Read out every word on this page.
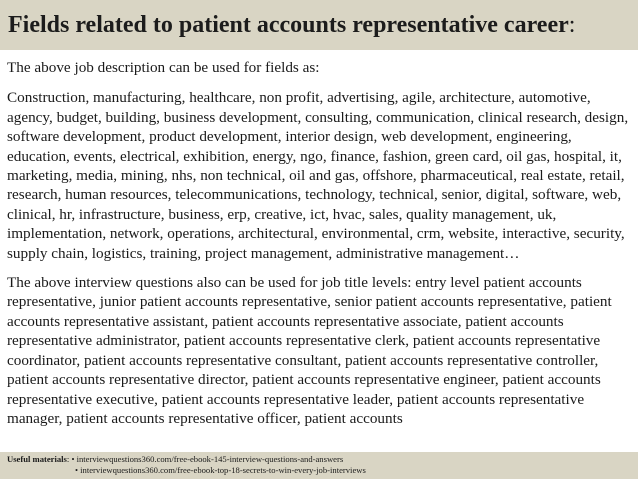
Fields related to patient accounts representative career:

The above job description can be used for fields as:

Construction, manufacturing, healthcare, non profit, advertising, agile, architecture, automotive, agency, budget, building, business development, consulting, communication, clinical research, design, software development, product development, interior design, web development, engineering, education, events, electrical, exhibition, energy, ngo, finance, fashion, green card, oil gas, hospital, it, marketing, media, mining, nhs, non technical, oil and gas, offshore, pharmaceutical, real estate, retail, research, human resources, telecommunications, technology, technical, senior, digital, software, web, clinical, hr, infrastructure, business, erp, creative, ict, hvac, sales, quality management, uk, implementation, network, operations, architectural, environmental, crm, website, interactive, security, supply chain, logistics, training, project management, administrative management…

The above interview questions also can be used for job title levels: entry level patient accounts representative, junior patient accounts representative, senior patient accounts representative, patient accounts representative assistant, patient accounts representative associate, patient accounts representative administrator, patient accounts representative clerk, patient accounts representative coordinator, patient accounts representative consultant, patient accounts representative controller, patient accounts representative director, patient accounts representative engineer, patient accounts representative executive, patient accounts representative leader, patient accounts representative manager, patient accounts representative officer, patient accounts

Useful materials: • interviewquestions360.com/free-ebook-145-interview-questions-and-answers
• interviewquestions360.com/free-ebook-top-18-secrets-to-win-every-job-interviews
